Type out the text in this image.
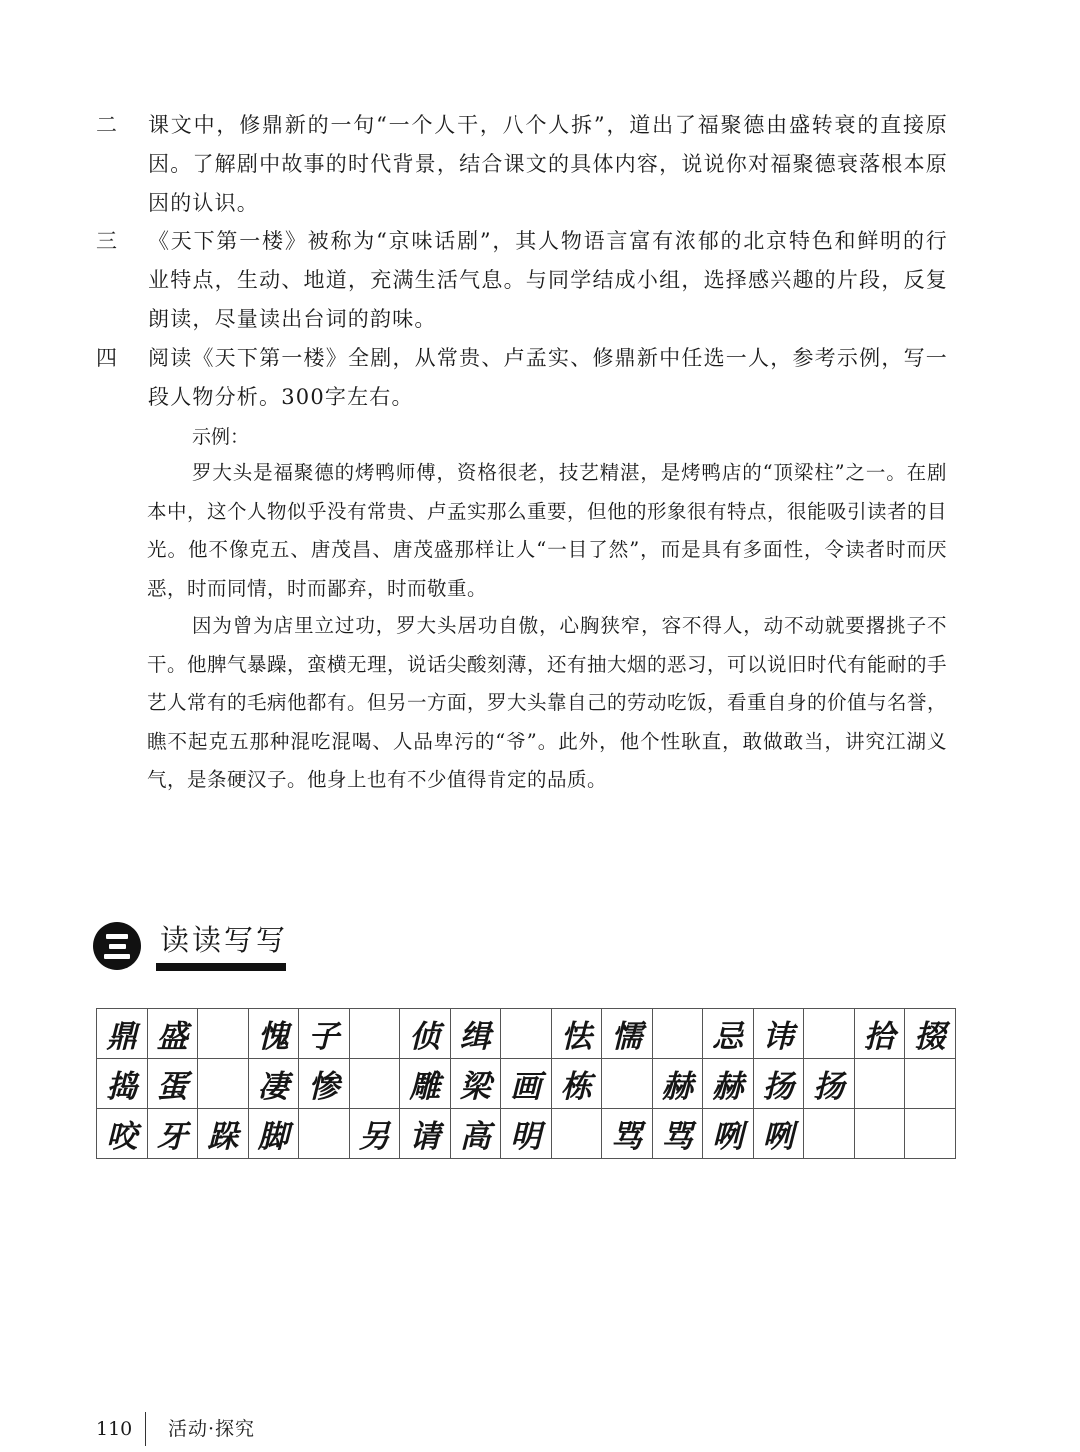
二	课文中，修鼎新的一句“一个人干，八个人拆”，道出了福聚德由盛转衰的直接原因。了解剧中故事的时代背景，结合课文的具体内容，说说你对福聚德衰落根本原因的认识。
三	《天下第一楼》被称为“京味话剧”，其人物语言富有浓郁的北京特色和鲜明的行业特点，生动、地道，充满生活气息。与同学结成小组，选择感兴趣的片段，反复朗读，尽量读出台词的韵味。
四	阅读《天下第一楼》全剧，从常贵、卢孟实、修鼎新中任选一人，参考示例，写一段人物分析。300字左右。
示例：
罗大头是福聚德的烤鸭师傅，资格很老，技艺精湛，是烤鸭店的“顶梁柱”之一。在剧本中，这个人物似乎没有常贵、卢孟实那么重要，但他的形象很有特点，很能吸引读者的目光。他不像克五、唐茂昌、唐茂盛那样让人“一目了然”，而是具有多面性，令读者时而厌恶，时而同情，时而鄙弃，时而敬重。
因为曾为店里立过功，罗大头居功自傲，心胸狭窄，容不得人，动不动就要撂挑子不干。他脾气暴躁，蛮横无理，说话尖酸刻薄，还有抽大烟的恶习，可以说旧时代有能耐的手艺人常有的毛病他都有。但另一方面，罗大头靠自己的劳动吃饭，看重自身的价值与名誉，瞧不起克五那种混吃混喝、人品卑污的“爷”。此外，他个性耿直，敢做敢当，讲究江湖义气，是条硬汉子。他身上也有不少值得肯定的品质。
读读写写
鼎	盛		愧	子		侦	缉		怯	懦		忌	讳		拾	掇
捣	蛋		凄	惨		雕	梁	画	栋		赫	赫	扬	扬		
咬	牙	跺	脚		另	请	高	明		骂	骂	咧	咧			
110 活动·探究
